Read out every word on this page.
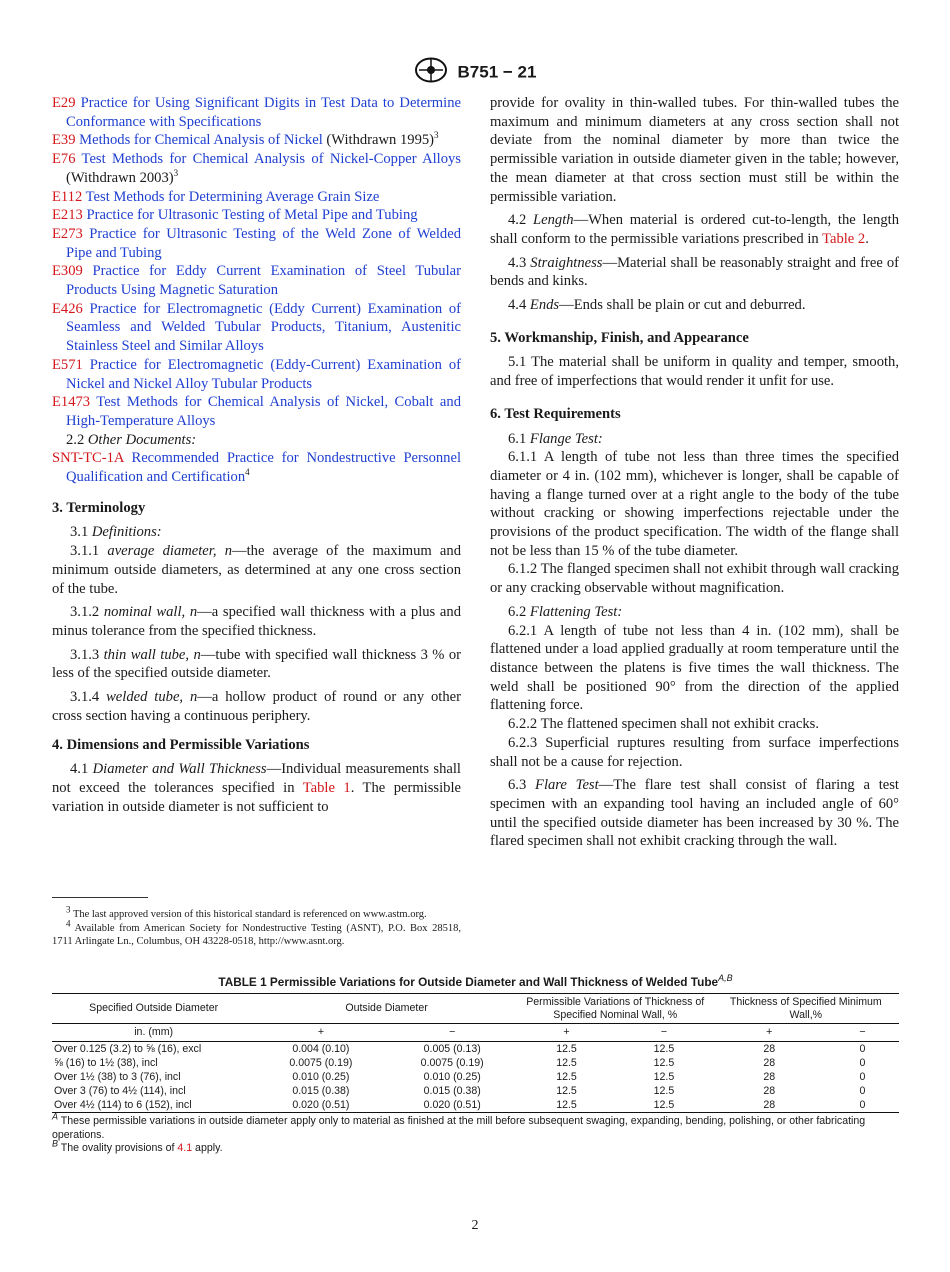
B751 − 21
E29 Practice for Using Significant Digits in Test Data to Determine Conformance with Specifications
E39 Methods for Chemical Analysis of Nickel (Withdrawn 1995)$^3$
E76 Test Methods for Chemical Analysis of Nickel-Copper Alloys (Withdrawn 2003)$^3$
E112 Test Methods for Determining Average Grain Size
E213 Practice for Ultrasonic Testing of Metal Pipe and Tubing
E273 Practice for Ultrasonic Testing of the Weld Zone of Welded Pipe and Tubing
E309 Practice for Eddy Current Examination of Steel Tubular Products Using Magnetic Saturation
E426 Practice for Electromagnetic (Eddy Current) Examination of Seamless and Welded Tubular Products, Titanium, Austenitic Stainless Steel and Similar Alloys
E571 Practice for Electromagnetic (Eddy-Current) Examination of Nickel and Nickel Alloy Tubular Products
E1473 Test Methods for Chemical Analysis of Nickel, Cobalt and High-Temperature Alloys
2.2 Other Documents:
SNT-TC-1A Recommended Practice for Nondestructive Personnel Qualification and Certification$^4$
3. Terminology

3.1 Definitions:

3.1.1 average diameter, n—the average of the maximum and minimum outside diameters, as determined at any one cross section of the tube.

3.1.2 nominal wall, n—a specified wall thickness with a plus and minus tolerance from the specified thickness.

3.1.3 thin wall tube, n—tube with specified wall thickness 3 % or less of the specified outside diameter.

3.1.4 welded tube, n—a hollow product of round or any other cross section having a continuous periphery.

4. Dimensions and Permissible Variations

4.1 Diameter and Wall Thickness—Individual measurements shall not exceed the tolerances specified in Table 1. The permissible variation in outside diameter is not sufficient to

$^3$ The last approved version of this historical standard is referenced on www.astm.org.
$^4$ Available from American Society for Nondestructive Testing (ASNT), P.O. Box 28518, 1711 Arlingate Ln., Columbus, OH 43228-0518, http://www.asnt.org.

provide for ovality in thin-walled tubes. For thin-walled tubes the maximum and minimum diameters at any cross section shall not deviate from the nominal diameter by more than twice the permissible variation in outside diameter given in the table; however, the mean diameter at that cross section must still be within the permissible variation.

4.2 Length—When material is ordered cut-to-length, the length shall conform to the permissible variations prescribed in Table 2.

4.3 Straightness—Material shall be reasonably straight and free of bends and kinks.

4.4 Ends—Ends shall be plain or cut and deburred.

5. Workmanship, Finish, and Appearance

5.1 The material shall be uniform in quality and temper, smooth, and free of imperfections that would render it unfit for use.

6. Test Requirements

6.1 Flange Test:

6.1.1 A length of tube not less than three times the specified diameter or 4 in. (102 mm), whichever is longer, shall be capable of having a flange turned over at a right angle to the body of the tube without cracking or showing imperfections rejectable under the provisions of the product specification. The width of the flange shall not be less than 15 % of the tube diameter.

6.1.2 The flanged specimen shall not exhibit through wall cracking or any cracking observable without magnification.

6.2 Flattening Test:

6.2.1 A length of tube not less than 4 in. (102 mm), shall be flattened under a load applied gradually at room temperature until the distance between the platens is five times the wall thickness. The weld shall be positioned 90° from the direction of the applied flattening force.

6.2.2 The flattened specimen shall not exhibit cracks.

6.2.3 Superficial ruptures resulting from surface imperfections shall not be a cause for rejection.

6.3 Flare Test—The flare test shall consist of flaring a test specimen with an expanding tool having an included angle of 60° until the specified outside diameter has been increased by 30 %. The flared specimen shall not exhibit cracking through the wall.

TABLE 1 Permissible Variations for Outside Diameter and Wall Thickness of Welded Tube$^{A,B}$
Specified Outside Diameter	Outside Diameter		Permissible Variations of Thickness of Specified Nominal Wall, %		Thickness of Specified Minimum Wall,%	
in. (mm)	+	−	+	−	+	−
Over 0.125 (3.2) to ⅝ (16), excl	0.004 (0.10)	0.005 (0.13)	12.5	12.5	28	0
⅝ (16) to 1½ (38), incl	0.0075 (0.19)	0.0075 (0.19)	12.5	12.5	28	0
Over 1½ (38) to 3 (76), incl	0.010 (0.25)	0.010 (0.25)	12.5	12.5	28	0
Over 3 (76) to 4½ (114), incl	0.015 (0.38)	0.015 (0.38)	12.5	12.5	28	0
Over 4½ (114) to 6 (152), incl	0.020 (0.51)	0.020 (0.51)	12.5	12.5	28	0
$^A$ These permissible variations in outside diameter apply only to material as finished at the mill before subsequent swaging, expanding, bending, polishing, or other fabricating operations.
$^B$ The ovality provisions of 4.1 apply.
2
